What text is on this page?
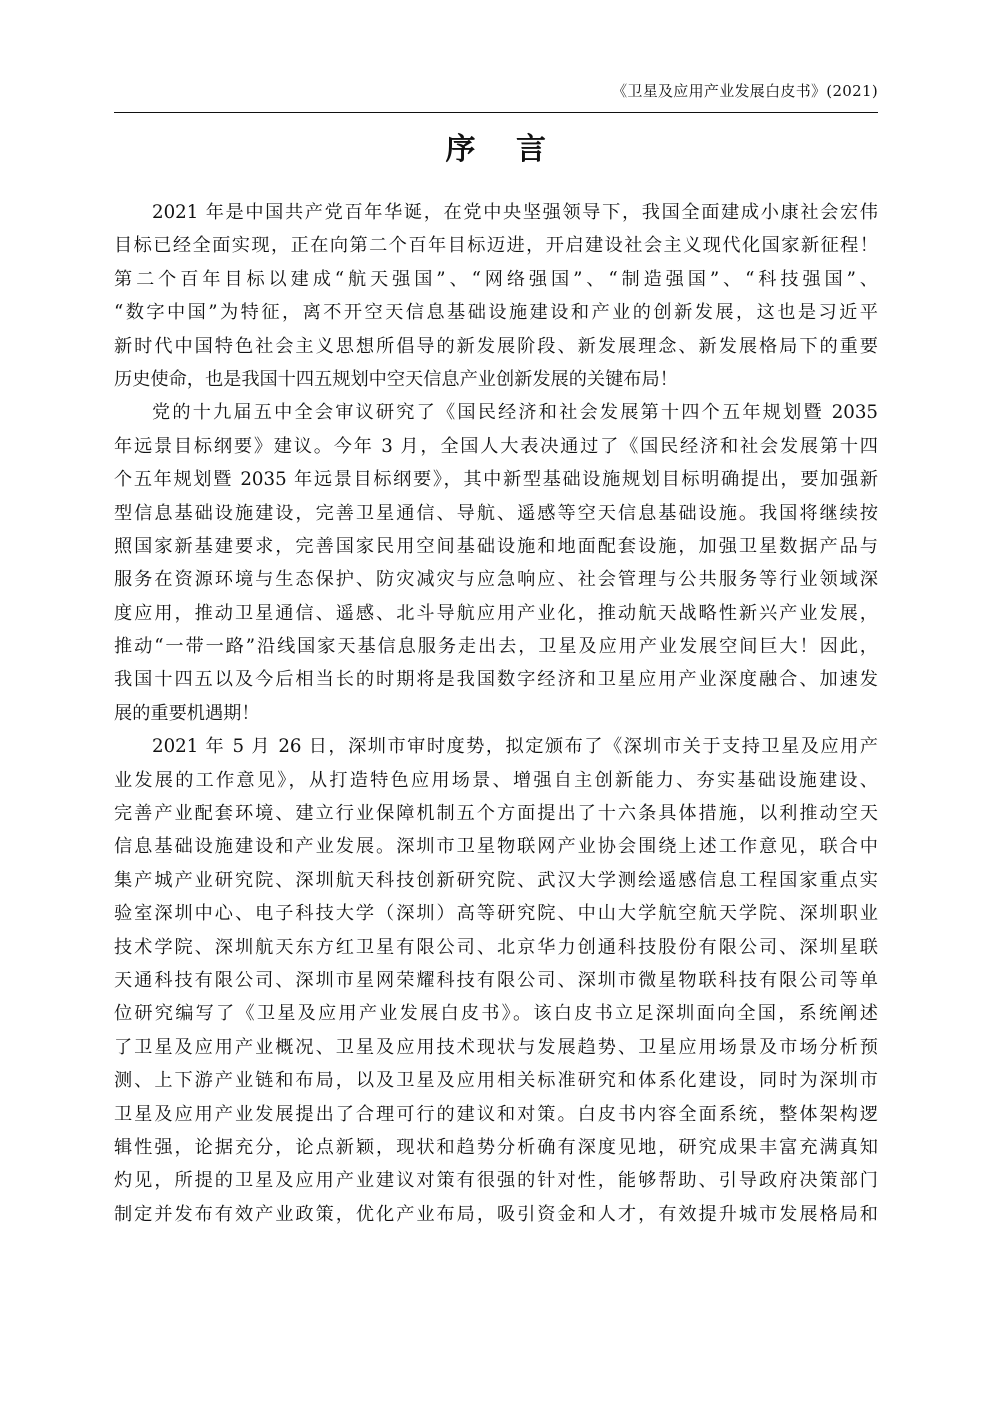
《卫星及应用产业发展白皮书》(2021)
序 言
2021 年是中国共产党百年华诞，在党中央坚强领导下，我国全面建成小康社会宏伟
目标已经全面实现，正在向第二个百年目标迈进，开启建设社会主义现代化国家新征程！
第二个百年目标以建成“航天强国”、“网络强国”、“制造强国”、“科技强国”、
“数字中国”为特征，离不开空天信息基础设施建设和产业的创新发展，这也是习近平
新时代中国特色社会主义思想所倡导的新发展阶段、新发展理念、新发展格局下的重要
历史使命，也是我国十四五规划中空天信息产业创新发展的关键布局！
党的十九届五中全会审议研究了《国民经济和社会发展第十四个五年规划暨 2035
年远景目标纲要》建议。今年 3 月，全国人大表决通过了《国民经济和社会发展第十四
个五年规划暨 2035 年远景目标纲要》，其中新型基础设施规划目标明确提出，要加强新
型信息基础设施建设，完善卫星通信、导航、遥感等空天信息基础设施。我国将继续按
照国家新基建要求，完善国家民用空间基础设施和地面配套设施，加强卫星数据产品与
服务在资源环境与生态保护、防灾减灾与应急响应、社会管理与公共服务等行业领域深
度应用，推动卫星通信、遥感、北斗导航应用产业化，推动航天战略性新兴产业发展，
推动“一带一路”沿线国家天基信息服务走出去，卫星及应用产业发展空间巨大！因此，
我国十四五以及今后相当长的时期将是我国数字经济和卫星应用产业深度融合、加速发
展的重要机遇期！
2021 年 5 月 26 日，深圳市审时度势，拟定颁布了《深圳市关于支持卫星及应用产
业发展的工作意见》，从打造特色应用场景、增强自主创新能力、夯实基础设施建设、
完善产业配套环境、建立行业保障机制五个方面提出了十六条具体措施，以利推动空天
信息基础设施建设和产业发展。深圳市卫星物联网产业协会围绕上述工作意见，联合中
集产城产业研究院、深圳航天科技创新研究院、武汉大学测绘遥感信息工程国家重点实
验室深圳中心、电子科技大学（深圳）高等研究院、中山大学航空航天学院、深圳职业
技术学院、深圳航天东方红卫星有限公司、北京华力创通科技股份有限公司、深圳星联
天通科技有限公司、深圳市星网荣耀科技有限公司、深圳市微星物联科技有限公司等单
位研究编写了《卫星及应用产业发展白皮书》。该白皮书立足深圳面向全国，系统阐述
了卫星及应用产业概况、卫星及应用技术现状与发展趋势、卫星应用场景及市场分析预
测、上下游产业链和布局，以及卫星及应用相关标准研究和体系化建设，同时为深圳市
卫星及应用产业发展提出了合理可行的建议和对策。白皮书内容全面系统，整体架构逻
辑性强，论据充分，论点新颖，现状和趋势分析确有深度见地，研究成果丰富充满真知
灼见，所提的卫星及应用产业建议对策有很强的针对性，能够帮助、引导政府决策部门
制定并发布有效产业政策，优化产业布局，吸引资金和人才，有效提升城市发展格局和
